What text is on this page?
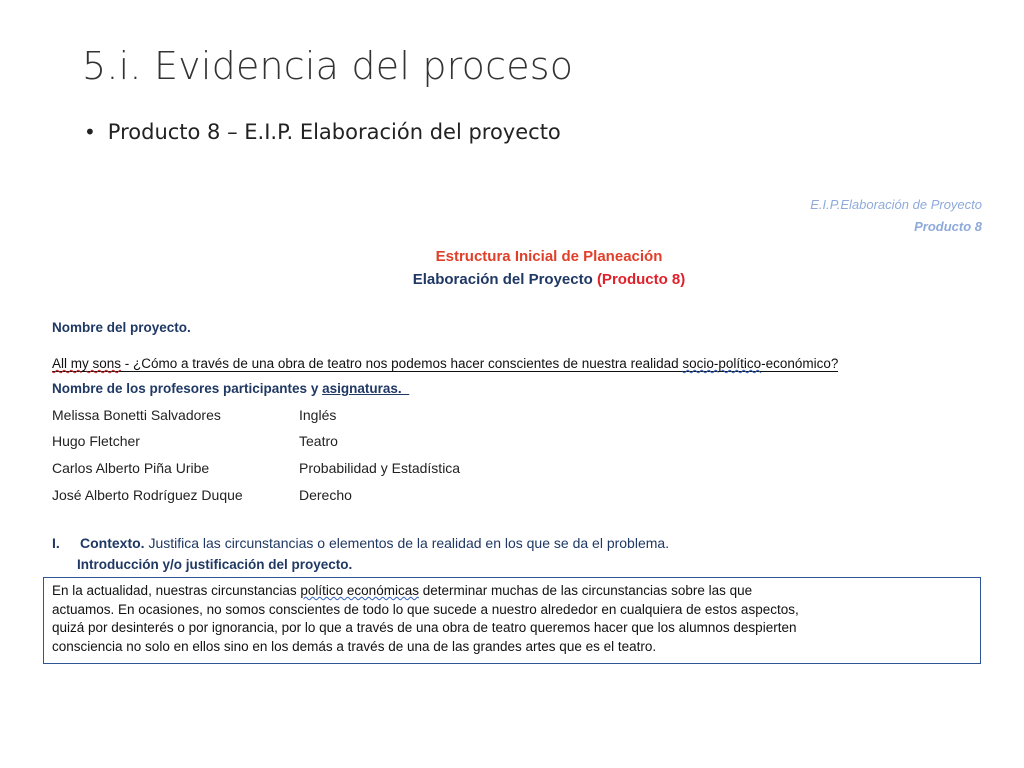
5.i. Evidencia del proceso
• Producto 8 – E.I.P. Elaboración del proyecto
E.I.P.Elaboración de Proyecto
Producto 8
Estructura Inicial de Planeación
Elaboración del Proyecto (Producto 8)
Nombre del proyecto.
All my sons - ¿Cómo a través de una obra de teatro nos podemos hacer conscientes de nuestra realidad socio-político-económico?
Nombre de los profesores participantes y asignaturas._
Melissa Bonetti Salvadores	Inglés
Hugo Fletcher	Teatro
Carlos Alberto Piña Uribe	Probabilidad y Estadística
José Alberto Rodríguez Duque	Derecho
I. Contexto. Justifica las circunstancias o elementos de la realidad en los que se da el problema.
Introducción y/o justificación del proyecto.
En la actualidad, nuestras circunstancias político económicas determinar muchas de las circunstancias sobre las que
actuamos. En ocasiones, no somos conscientes de todo lo que sucede a nuestro alrededor en cualquiera de estos aspectos,
quizá por desinterés o por ignorancia, por lo que a través de una obra de teatro queremos hacer que los alumnos despierten
consciencia no solo en ellos sino en los demás a través de una de las grandes artes que es el teatro.
